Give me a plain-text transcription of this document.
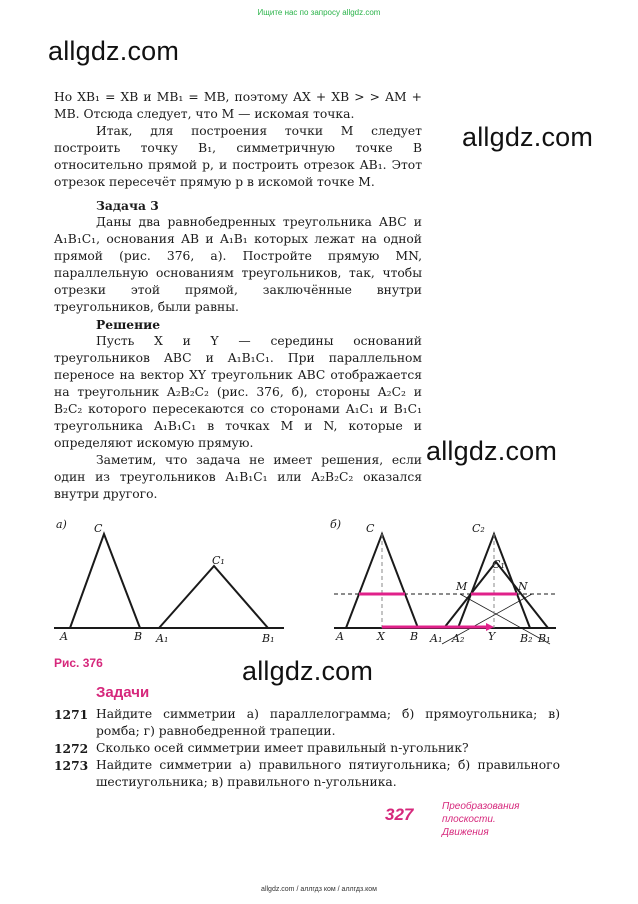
Ищите нас по запросу allgdz.com
allgdz.com
allgdz.com
allgdz.com
allgdz.com

Но XB₁ = XB и MB₁ = MB, поэтому AX + XB > > AM + MB. Отсюда следует, что M — искомая точка.

Итак, для построения точки M следует построить точку B₁, симметричную точке B относительно прямой p, и построить отрезок AB₁. Этот отрезок пересечёт прямую p в искомой точке M.

Задача 3

Даны два равнобедренных треугольника ABC и A₁B₁C₁, основания AB и A₁B₁ которых лежат на одной прямой (рис. 376, а). Постройте прямую MN, параллельную основаниям треугольников, так, чтобы отрезки этой прямой, заключённые внутри треугольников, были равны.

Решение

Пусть X и Y — середины оснований треугольников ABC и A₁B₁C₁. При параллельном переносе на вектор XY треугольник ABC отображается на треугольник A₂B₂C₂ (рис. 376, б), стороны A₂C₂ и B₂C₂ которого пересекаются со сторонами A₁C₁ и B₁C₁ треугольника A₁B₁C₁ в точках M и N, которые и определяют искомую прямую.

Заметим, что задача не имеет решения, если один из треугольников A₁B₁C₁ или A₂B₂C₂ оказался внутри другого.

а)	б)
A	B
C
A₁	B₁
C₁
A	X B
C
A₁ A₂ Y B₂ B₁
C₂
C₁
M	N
Рис. 376
Задачи
1271 Найдите симметрии а) параллелограмма; б) прямоугольника; в) ромба; г) равнобедренной трапеции.
1272 Сколько осей симметрии имеет правильный n-угольник?
1273 Найдите симметрии а) правильного пятиугольника; б) правильного шестиугольника; в) правильного n-угольника.
327	Преобразования
плоскости.
Движения
allgdz.com / аллгдз ком / аллгдз.ком
